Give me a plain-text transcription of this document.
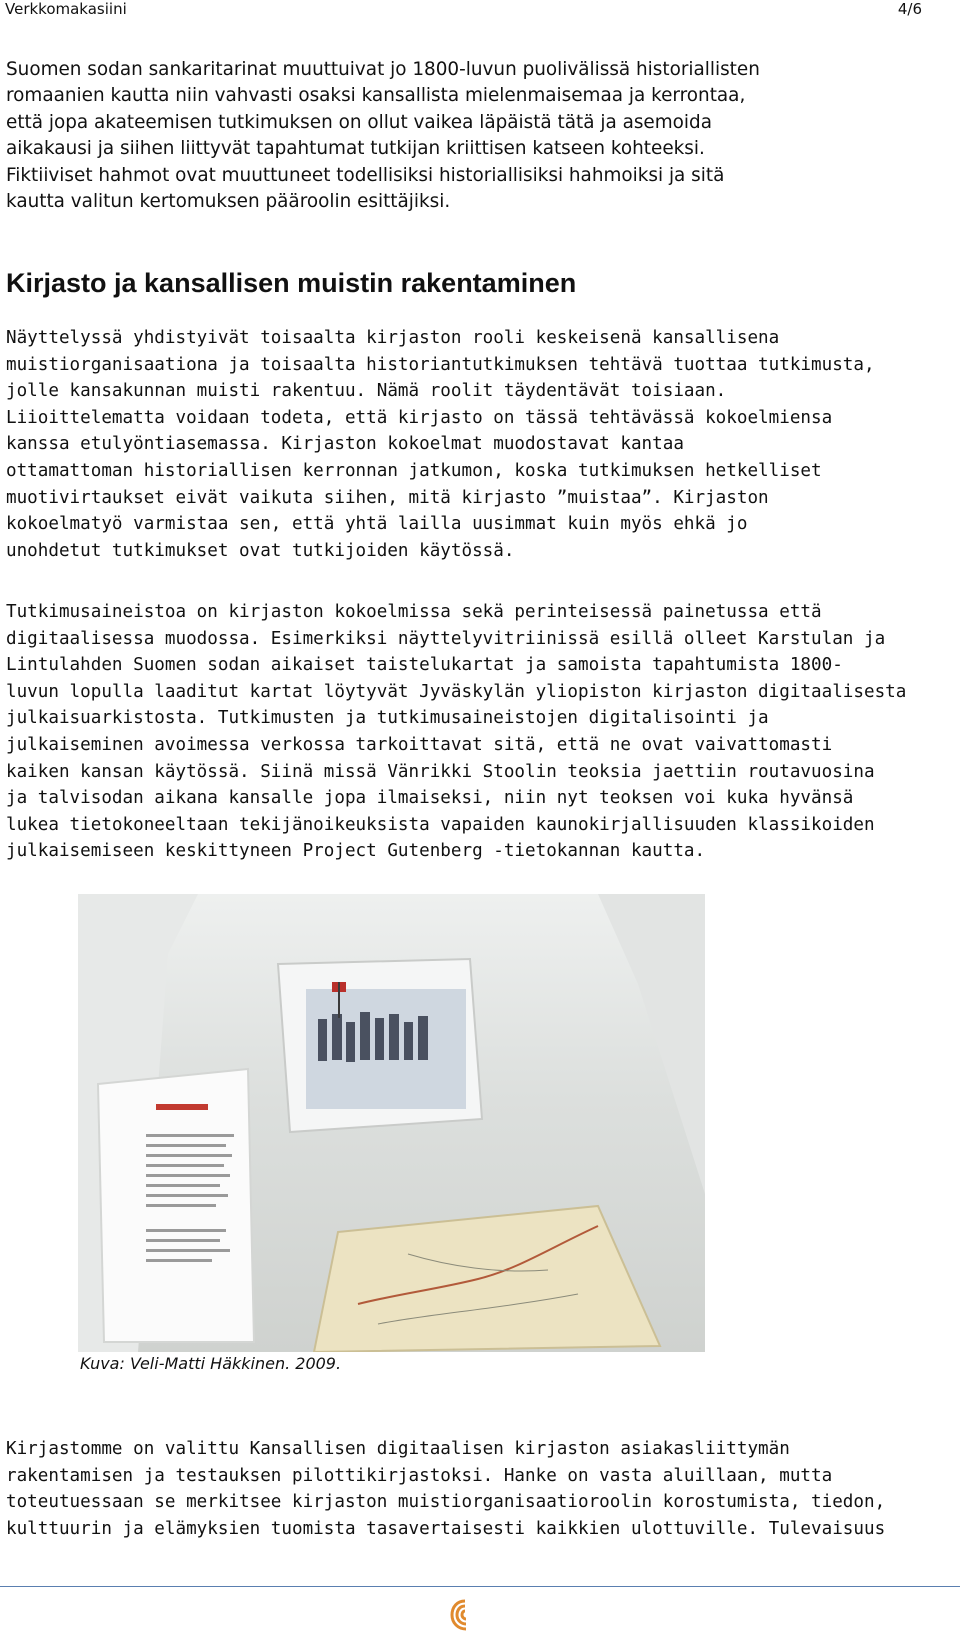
Verkkomakasiini	4/6

Suomen sodan sankaritarinat muuttuivat jo 1800-luvun puolivälissä historiallisten

romaanien kautta niin vahvasti osaksi kansallista mielenmaisemaa ja kerrontaa,

että jopa akateemisen tutkimuksen on ollut vaikea läpäistä tätä ja asemoida

aikakausi ja siihen liittyvät tapahtumat tutkijan kriittisen katseen kohteeksi.

Fiktiiviset hahmot ovat muuttuneet todellisiksi historiallisiksi hahmoiksi ja sitä

kautta valitun kertomuksen pääroolin esittäjiksi.

Kirjasto ja kansallisen muistin rakentaminen

Näyttelyssä yhdistyivät toisaalta kirjaston rooli keskeisenä kansallisena

muistiorganisaationa ja toisaalta historiantutkimuksen tehtävä tuottaa tutkimusta,

jolle kansakunnan muisti rakentuu. Nämä roolit täydentävät toisiaan.

Liioittelematta voidaan todeta, että kirjasto on tässä tehtävässä kokoelmiensa

kanssa etulyöntiasemassa. Kirjaston kokoelmat muodostavat kantaa

ottamattoman historiallisen kerronnan jatkumon, koska tutkimuksen hetkelliset

muotivirtaukset eivät vaikuta siihen, mitä kirjasto ”muistaa”. Kirjaston

kokoelmatyö varmistaa sen, että yhtä lailla uusimmat kuin myös ehkä jo

unohdetut tutkimukset ovat tutkijoiden käytössä.

Tutkimusaineistoa on kirjaston kokoelmissa sekä perinteisessä painetussa että

digitaalisessa muodossa. Esimerkiksi näyttelyvitriinissä esillä olleet Karstulan ja

Lintulahden Suomen sodan aikaiset taistelukartat ja samoista tapahtumista 1800-

luvun lopulla laaditut kartat löytyvät Jyväskylän yliopiston kirjaston digitaalisesta

julkaisuarkistosta. Tutkimusten ja tutkimusaineistojen digitalisointi ja

julkaiseminen avoimessa verkossa tarkoittavat sitä, että ne ovat vaivattomasti

kaiken kansan käytössä. Siinä missä Vänrikki Stoolin teoksia jaettiin routavuosina

ja talvisodan aikana kansalle jopa ilmaiseksi, niin nyt teoksen voi kuka hyvänsä

lukea tietokoneeltaan tekijänoikeuksista vapaiden kaunokirjallisuuden klassikoiden

julkaisemiseen keskittyneen Project Gutenberg -tietokannan kautta.

Kuva: Veli-Matti Häkkinen. 2009.

Kirjastomme on valittu Kansallisen digitaalisen kirjaston asiakasliittymän

rakentamisen ja testauksen pilottikirjastoksi. Hanke on vasta aluillaan, mutta

toteutuessaan se merkitsee kirjaston muistiorganisaatioroolin korostumista, tiedon,

kulttuurin ja elämyksien tuomista tasavertaisesti kaikkien ulottuville. Tulevaisuus
